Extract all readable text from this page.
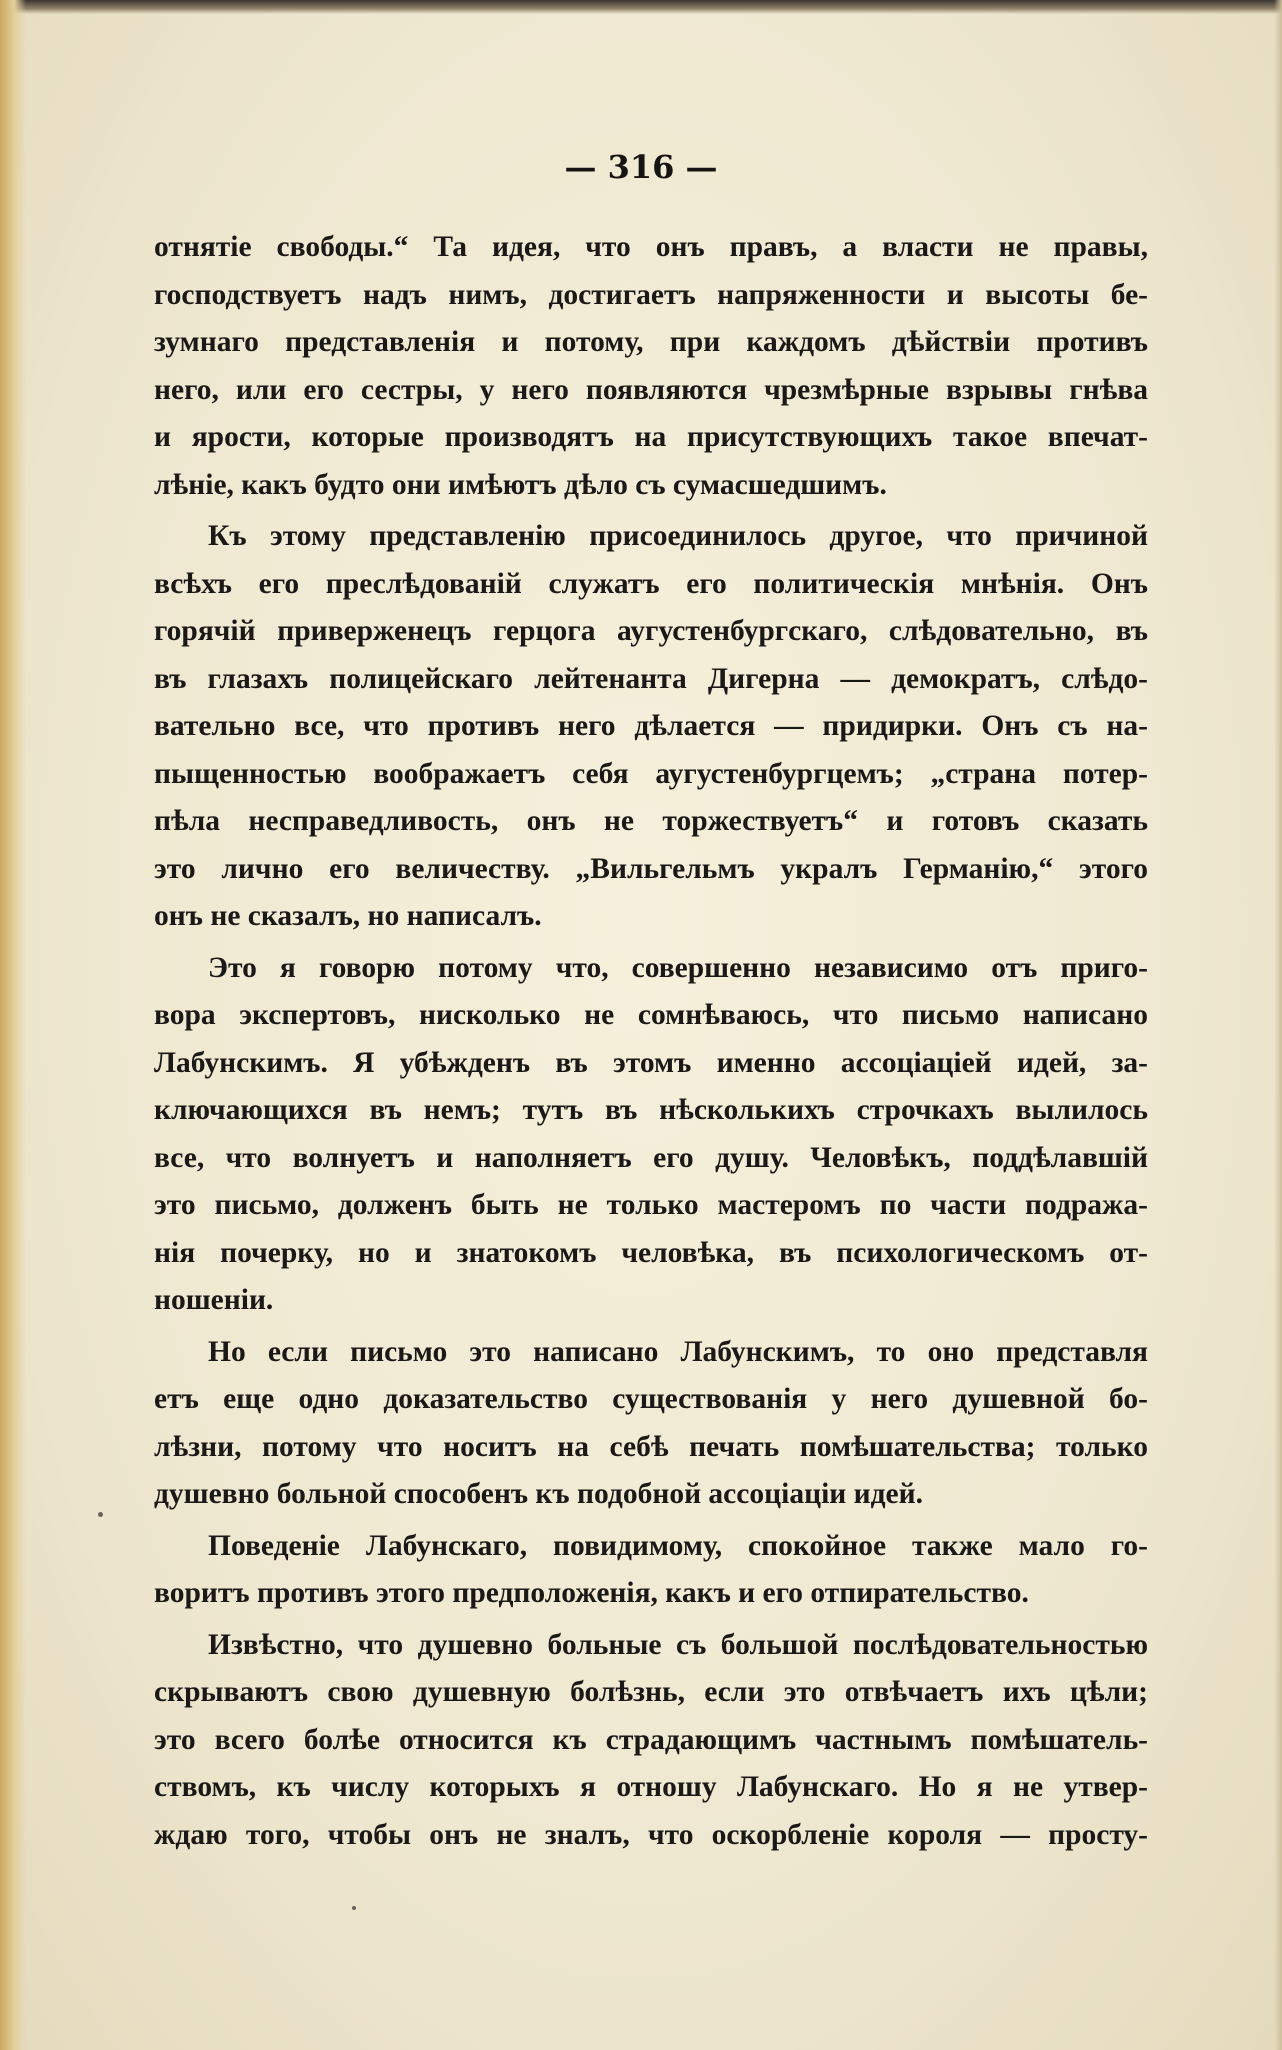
— 316 —
отнятіе свободы.“ Та идея, что онъ правъ, а власти не правы,
господствуетъ надъ нимъ, достигаетъ напряженности и высоты бе-
зумнаго представленія и потому, при каждомъ дѣйствіи противъ
него, или его сестры, у него появляются чрезмѣрные взрывы гнѣва
и ярости, которые производятъ на присутствующихъ такое впечат-
лѣніе, какъ будто они имѣютъ дѣло съ сумасшедшимъ.
Къ этому представленію присоединилось другое, что причиной
всѣхъ его преслѣдованій служатъ его политическія мнѣнія. Онъ
горячій приверженецъ герцога аугустенбургскаго, слѣдовательно, въ
въ глазахъ полицейскаго лейтенанта Дигерна — демократъ, слѣдо-
вательно все, что противъ него дѣлается — придирки. Онъ съ на-
пыщенностью воображаетъ себя аугустенбургцемъ; „страна потер-
пѣла несправедливость, онъ не торжествуетъ“ и готовъ сказать
это лично его величеству. „Вильгельмъ укралъ Германію,“ этого
онъ не сказалъ, но написалъ.
Это я говорю потому что, совершенно независимо отъ приго-
вора экспертовъ, нисколько не сомнѣваюсь, что письмо написано
Лабунскимъ. Я убѣжденъ въ этомъ именно ассоціаціей идей, за-
ключающихся въ немъ; тутъ въ нѣсколькихъ строчкахъ вылилось
все, что волнуетъ и наполняетъ его душу. Человѣкъ, поддѣлавшій
это письмо, долженъ быть не только мастеромъ по части подража-
нія почерку, но и знатокомъ человѣка, въ психологическомъ от-
ношеніи.
Но если письмо это написано Лабунскимъ, то оно представля
етъ еще одно доказательство существованія у него душевной бо-
лѣзни, потому что носитъ на себѣ печать помѣшательства; только
душевно больной способенъ къ подобной ассоціаціи идей.
Поведеніе Лабунскаго, повидимому, спокойное также мало го-
воритъ противъ этого предположенія, какъ и его отпирательство.
Извѣстно, что душевно больные съ большой послѣдовательностью
скрываютъ свою душевную болѣзнь, если это отвѣчаетъ ихъ цѣли;
это всего болѣе относится къ страдающимъ частнымъ помѣшатель-
ствомъ, къ числу которыхъ я отношу Лабунскаго. Но я не утвер-
ждаю того, чтобы онъ не зналъ, что оскорбленіе короля — просту-
